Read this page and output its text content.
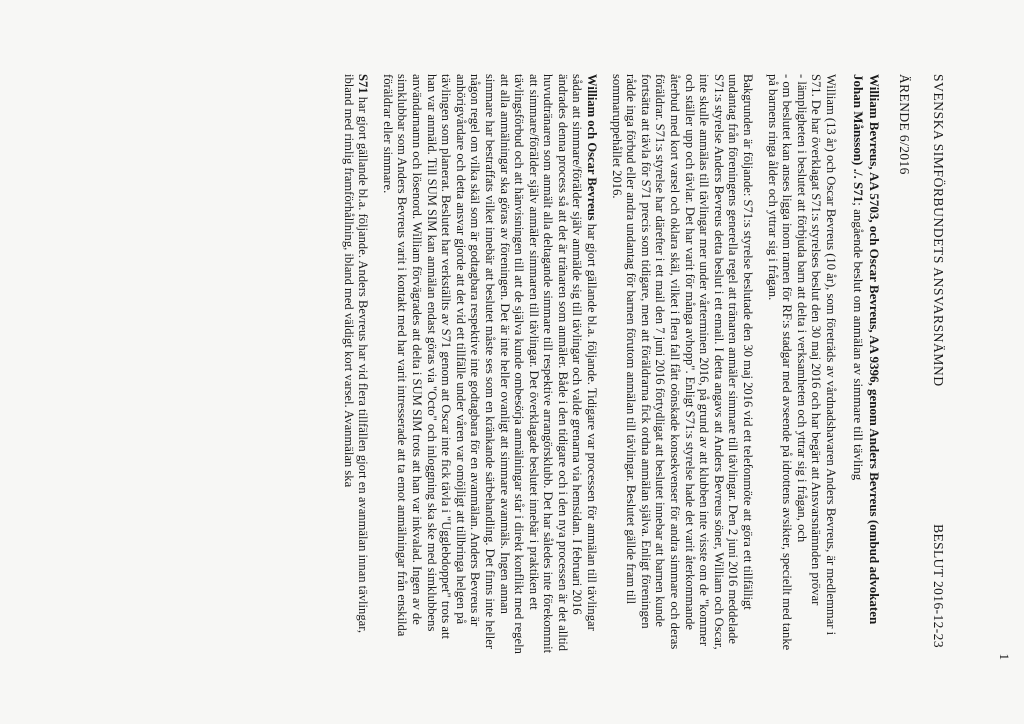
1
SVENSKA SIMFÖRBUNDETS ANSVARSNÄMND
BESLUT 2016-12-23
ÄRENDE 6/2016
William Bevreus, AA 5703, och Oscar Bevreus, AA 9396, genom Anders Bevreus (ombud advokaten Johan Månsson) ./. S71; angående beslut om anmälan av simmare till tävling

William (13 år) och Oscar Bevreus (10 år), som företräds av vårdnadshavaren Anders Bevreus, är medlemmar i S71. De har överklagat S71:s styrelses beslut den 30 maj 2016 och har begärt att Ansvarsnämnden prövar

- lämpligheten i beslutet att förbjuda barn att delta i verksamheten och yttrar sig i frågan, och
- om beslutet kan anses ligga inom ramen för RF:s stadgar med avseende på idrottens avsikter, speciellt med tanke på barnens ringa ålder och yttrar sig i frågan.

Bakgrunden är följande: S71:s styrelse beslutade den 30 maj 2016 vid ett telefonmöte att göra ett tillfälligt undantag från föreningens generella regel att tränaren anmäler simmare till tävlingar. Den 2 juni 2016 meddelade S71:s styrelse Anders Bevreus detta beslut i ett email. I detta angavs att Anders Bevreus söner, William och Oscar, inte skulle anmälas till tävlingar mer under vårterminen 2016, på grund av att klubben inte visste om de "kommer och ställer upp och tävlar. Det har varit för många avhopp". Enligt S71:s styrelse hade det varit återkommande återbud med kort varsel och oklara skäl, vilket i flera fall fått oönskade konsekvenser för andra simmare och deras föräldrar. S71:s styrelse har därefter i ett mail den 7 juni 2016 förtydligat att beslutet innebar att barnen kunde fortsätta att tävla för S71 precis som tidigare, men att föräldrarna fick ordna anmälan själva. Enligt föreningen rådde inga förbud eller andra undantag för barnen förutom anmälan till tävlingar. Beslutet gällde fram till sommaruppehållet 2016.

William och Oscar Bevreus har gjort gällande bl.a. följande. Tidigare var processen för anmälan till tävlingar sådan att simmare/förälder själv anmälde sig till tävlingar och valde grenarna via hemsidan. I februari 2016 ändrades denna process så att det är tränaren som anmäler. Både i den tidigare och i den nya processen är det alltid huvudtränaren som anmält alla deltagande simmare till respektive arrangörsklubb. Det har således inte förekommit att simmare/förälder själv anmäler simmaren till tävlingar. Det överklagade beslutet innebär i praktiken ett tävlingsförbud och att hänvisningen till att de själva kunde ombesörja anmälningar står i direkt konflikt med regeln att alla anmälningar ska göras av föreningen. Det är inte heller ovanligt att simmare avanmäls. Ingen annan simmare har bestraffats vilket innebär att beslutet måste ses som en kränkande särbehandling. Det finns inte heller någon regel om vilka skäl som är godtagbara respektive inte godtagbara för en avanmälan. Anders Bevreus är anhörigvårdare och detta ansvar gjorde att det vid ett tillfälle under våren var omöjligt att tillbringa helgen på tävlingen som planerat. Beslutet har verkställts av S71 genom att Oscar inte fick tävla i "Ugglebdoppet" trots att han var anmäld. Till SUM SIM kan anmälan endast göras via "Octo" och inloggning ska ske med simklubbens användarnamn och lösenord. William förvägrades att delta i SUM SIM trots att han var inkvalad. Ingen av de simklubbar som Anders Bevreus varit i kontakt med har varit intresserade att ta emot anmälningar från enskilda föräldrar eller simmare.

S71 har gjort gällande bl.a. följande. Anders Bevreus har vid flera tillfällen gjort en avanmälan innan tävlingar, ibland med rimlig framförhållning, ibland med väldigt kort varsel. Avanmälan ska
